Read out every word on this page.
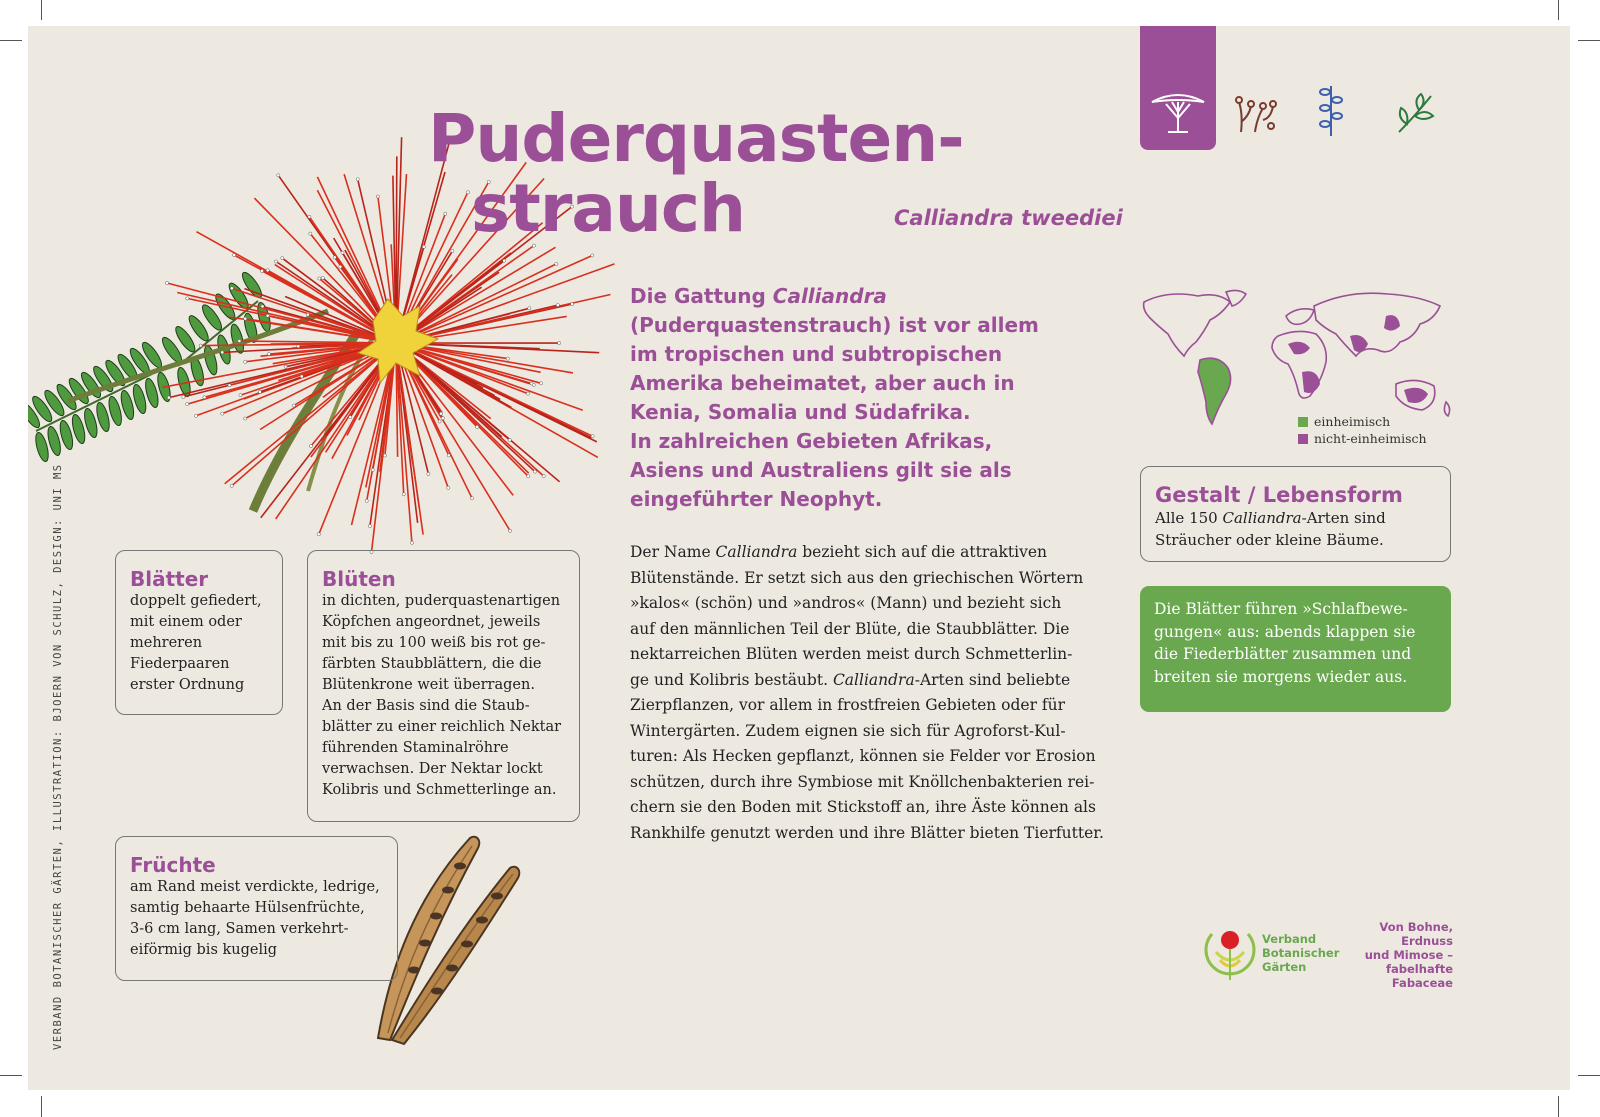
Puderquasten-
strauch	Calliandra tweediei

Die Gattung Calliandra

(Puderquastenstrauch) ist vor allem

im tropischen und subtropischen

Amerika beheimatet, aber auch in

Kenia, Somalia und Südafrika.

In zahlreichen Gebieten Afrikas,

Asiens und Australiens gilt sie als

eingeführter Neophyt.

Der Name Calliandra bezieht sich auf die attraktiven

Blütenstände. Er setzt sich aus den griechischen Wörtern

»kalos« (schön) und »andros« (Mann) und bezieht sich

auf den männlichen Teil der Blüte, die Staubblätter. Die

nektarreichen Blüten werden meist durch Schmetterlin-

ge und Kolibris bestäubt. Calliandra-Arten sind beliebte

Zierpflanzen, vor allem in frostfreien Gebieten oder für

Wintergärten. Zudem eignen sie sich für Agroforst-Kul-

turen: Als Hecken gepflanzt, können sie Felder vor Erosion

schützen, durch ihre Symbiose mit Knöllchenbakterien rei-

chern sie den Boden mit Stickstoff an, ihre Äste können als

Rankhilfe genutzt werden und ihre Blätter bieten Tierfutter.

Blätter

doppelt gefiedert,

mit einem oder

mehreren

Fiederpaaren

erster Ordnung

Blüten

in dichten, puderquastenartigen

Köpfchen angeordnet, jeweils

mit bis zu 100 weiß bis rot ge-

färbten Staubblättern, die die

Blütenkrone weit überragen.

An der Basis sind die Staub-

blätter zu einer reichlich Nektar

führenden Staminalröhre

verwachsen. Der Nektar lockt

Kolibris und Schmetterlinge an.

Früchte

am Rand meist verdickte, ledrige,

samtig behaarte Hülsenfrüchte,

3-6 cm lang, Samen verkehrt-

eiförmig bis kugelig

einheimisch
nicht-einheimisch
Gestalt / Lebensform

Alle 150 Calliandra-Arten sind

Sträucher oder kleine Bäume.

Die Blätter führen »Schlafbewe-

gungen« aus: abends klappen sie

die Fiederblätter zusammen und

breiten sie morgens wieder aus.

Verband
Botanischer
Gärten
Von Bohne,
Erdnuss
und Mimose –
fabelhafte
Fabaceae
VERBAND BOTANISCHER GÄRTEN, ILLUSTRATION: BJOERN VON SCHULZ, DESIGN: UNI MS
